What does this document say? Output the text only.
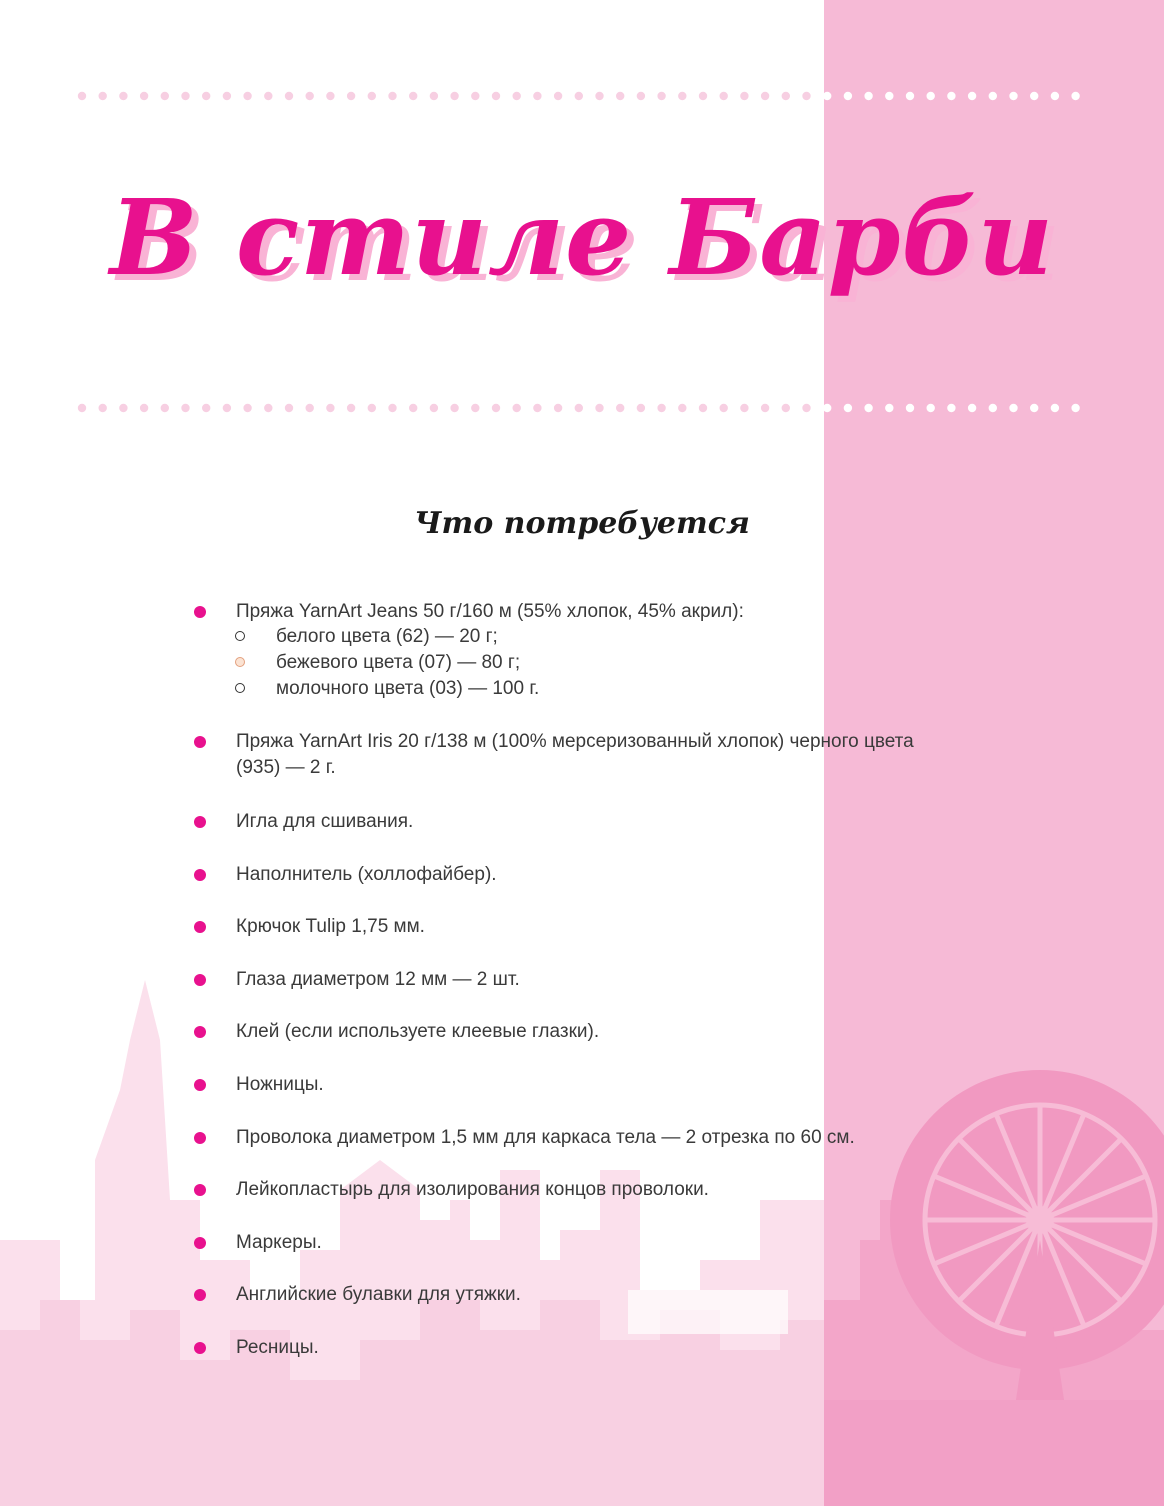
В стиле Барби
Что потребуется
Пряжа YarnArt Jeans 50 г/160 м (55% хлопок, 45% акрил):
белого цвета (62) — 20 г;
бежевого цвета (07) — 80 г;
молочного цвета (03) — 100 г.
Пряжа YarnArt Iris 20 г/138 м (100% мерсеризованный хлопок) черного цвета
(935) — 2 г.
Игла для сшивания.
Наполнитель (холлофайбер).
Крючок Tulip 1,75 мм.
Глаза диаметром 12 мм — 2 шт.
Клей (если используете клеевые глазки).
Ножницы.
Проволока диаметром 1,5 мм для каркаса тела — 2 отрезка по 60 см.
Лейкопластырь для изолирования концов проволоки.
Маркеры.
Английские булавки для утяжки.
Ресницы.
